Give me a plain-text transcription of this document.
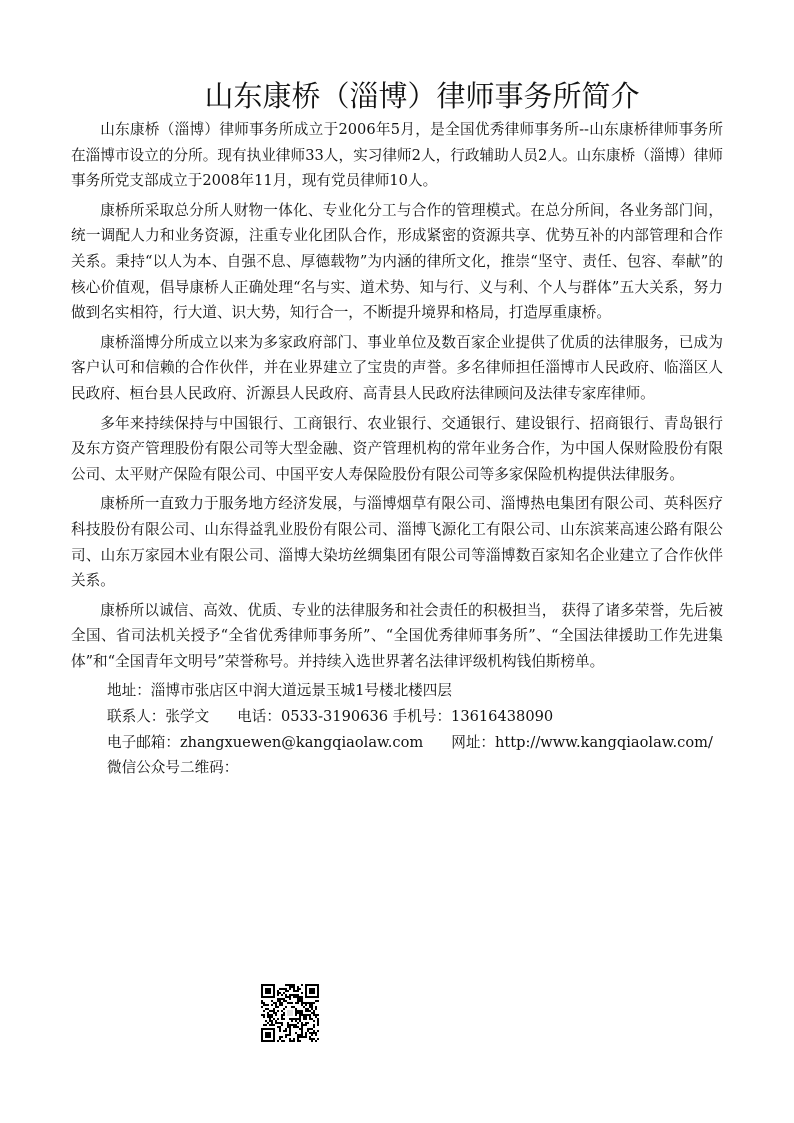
山东康桥（淄博）律师事务所简介

山东康桥（淄博）律师事务所成立于2006年5月，是全国优秀律师事务所--山东康桥律师事务所在淄博市设立的分所。现有执业律师33人，实习律师2人，行政辅助人员2人。山东康桥（淄博）律师事务所党支部成立于2008年11月，现有党员律师10人。

康桥所采取总分所人财物一体化、专业化分工与合作的管理模式。在总分所间，各业务部门间，统一调配人力和业务资源，注重专业化团队合作，形成紧密的资源共享、优势互补的内部管理和合作关系。秉持“以人为本、自强不息、厚德载物”为内涵的律所文化，推崇“坚守、责任、包容、奉献”的核心价值观，倡导康桥人正确处理“名与实、道术势、知与行、义与利、个人与群体”五大关系，努力做到名实相符，行大道、识大势，知行合一，不断提升境界和格局，打造厚重康桥。

康桥淄博分所成立以来为多家政府部门、事业单位及数百家企业提供了优质的法律服务，已成为客户认可和信赖的合作伙伴，并在业界建立了宝贵的声誉。多名律师担任淄博市人民政府、临淄区人民政府、桓台县人民政府、沂源县人民政府、高青县人民政府法律顾问及法律专家库律师。

多年来持续保持与中国银行、工商银行、农业银行、交通银行、建设银行、招商银行、青岛银行及东方资产管理股份有限公司等大型金融、资产管理机构的常年业务合作，为中国人保财险股份有限公司、太平财产保险有限公司、中国平安人寿保险股份有限公司等多家保险机构提供法律服务。

康桥所一直致力于服务地方经济发展，与淄博烟草有限公司、淄博热电集团有限公司、英科医疗科技股份有限公司、山东得益乳业股份有限公司、淄博飞源化工有限公司、山东滨莱高速公路有限公司、山东万家园木业有限公司、淄博大染坊丝绸集团有限公司等淄博数百家知名企业建立了合作伙伴关系。

康桥所以诚信、高效、优质、专业的法律服务和社会责任的积极担当， 获得了诸多荣誉，先后被全国、省司法机关授予“全省优秀律师事务所”、“全国优秀律师事务所”、“全国法律援助工作先进集体”和“全国青年文明号”荣誉称号。并持续入选世界著名法律评级机构钱伯斯榜单。

地址：淄博市张店区中润大道远景玉城1号楼北楼四层

联系人：张学文 电话：0533-3190636 手机号：13616438090

电子邮箱：zhangxuewen@kangqiaolaw.com 网址：http://www.kangqiaolaw.com/

微信公众号二维码：
